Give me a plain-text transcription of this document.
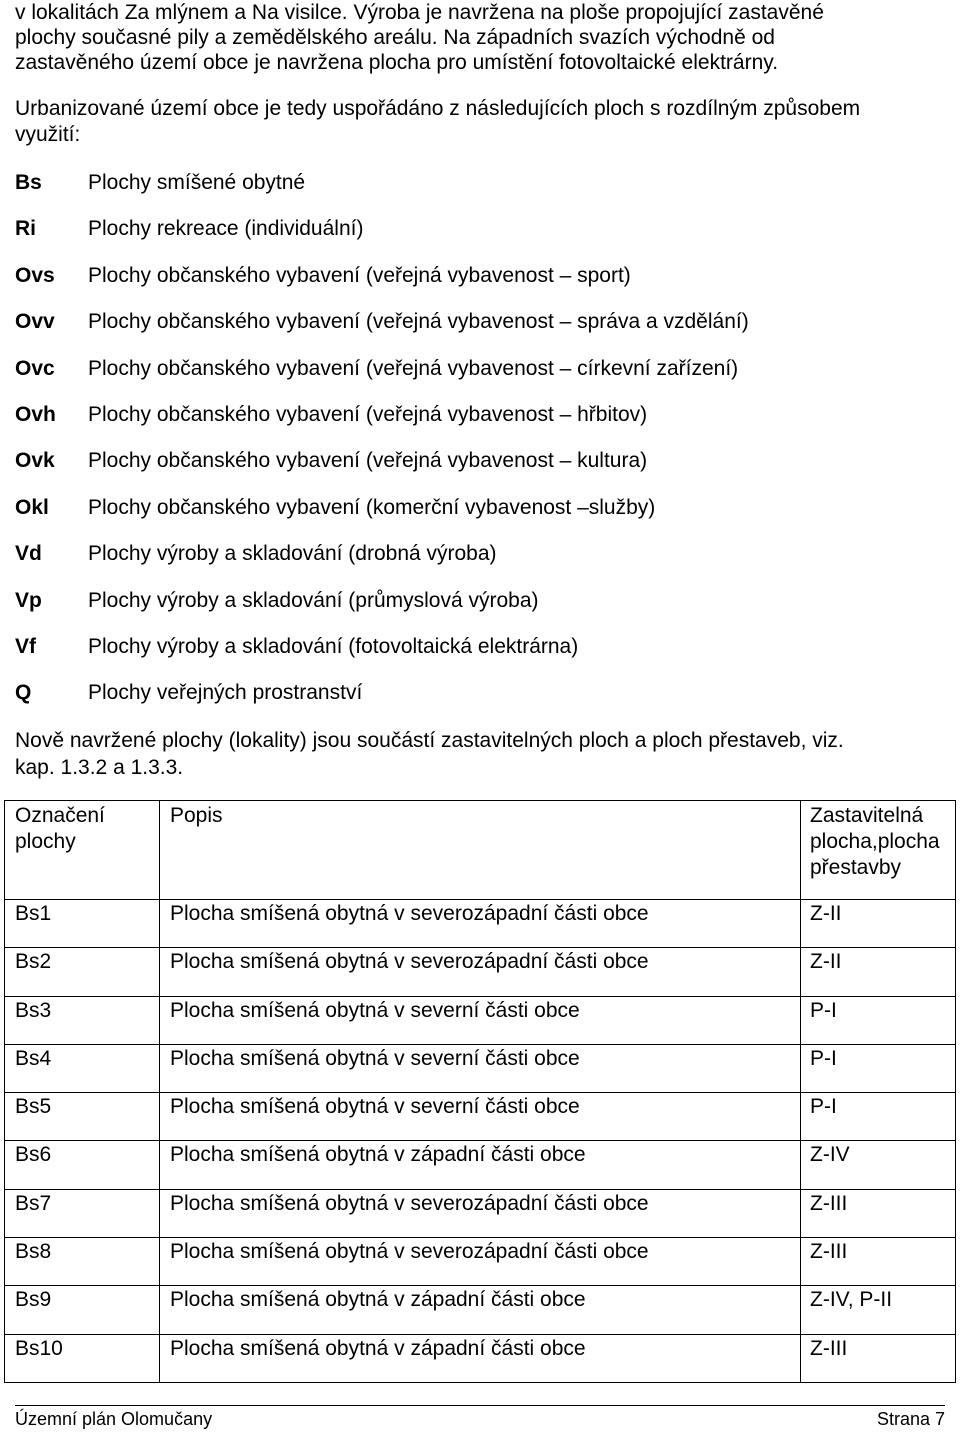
v lokalitách Za mlýnem a Na visilce. Výroba je navržena na ploše propojující zastavěné
plochy současné pily a zemědělského areálu. Na západních svazích východně od
zastavěného území obce je navržena plocha pro umístění fotovoltaické elektrárny.

Urbanizované území obce je tedy uspořádáno z následujících ploch s rozdílným způsobem
využití:

Bs	Plochy smíšené obytné
Ri	Plochy rekreace (individuální)
Ovs	Plochy občanského vybavení (veřejná vybavenost – sport)
Ovv	Plochy občanského vybavení (veřejná vybavenost – správa a vzdělání)
Ovc	Plochy občanského vybavení (veřejná vybavenost – církevní zařízení)
Ovh	Plochy občanského vybavení (veřejná vybavenost – hřbitov)
Ovk	Plochy občanského vybavení (veřejná vybavenost – kultura)
Okl	Plochy občanského vybavení (komerční vybavenost –služby)
Vd	Plochy výroby a skladování (drobná výroba)
Vp	Plochy výroby a skladování (průmyslová výroba)
Vf	Plochy výroby a skladování (fotovoltaická elektrárna)
Q	Plochy veřejných prostranství

Nově navržené plochy (lokality) jsou součástí zastavitelných ploch a ploch přestaveb, viz.
kap. 1.3.2 a 1.3.3.

Označení
plochy	Popis	Zastavitelná
plocha,plocha
přestavby
Bs1	Plocha smíšená obytná v severozápadní části obce	Z-II
Bs2	Plocha smíšená obytná v severozápadní části obce	Z-II
Bs3	Plocha smíšená obytná v severní části obce	P-I
Bs4	Plocha smíšená obytná v severní části obce	P-I
Bs5	Plocha smíšená obytná v severní části obce	P-I
Bs6	Plocha smíšená obytná v západní části obce	Z-IV
Bs7	Plocha smíšená obytná v severozápadní části obce	Z-III
Bs8	Plocha smíšená obytná v severozápadní části obce	Z-III
Bs9	Plocha smíšená obytná v západní části obce	Z-IV, P-II
Bs10	Plocha smíšená obytná v západní části obce	Z-III
Územní plán Olomučany	Strana 7
